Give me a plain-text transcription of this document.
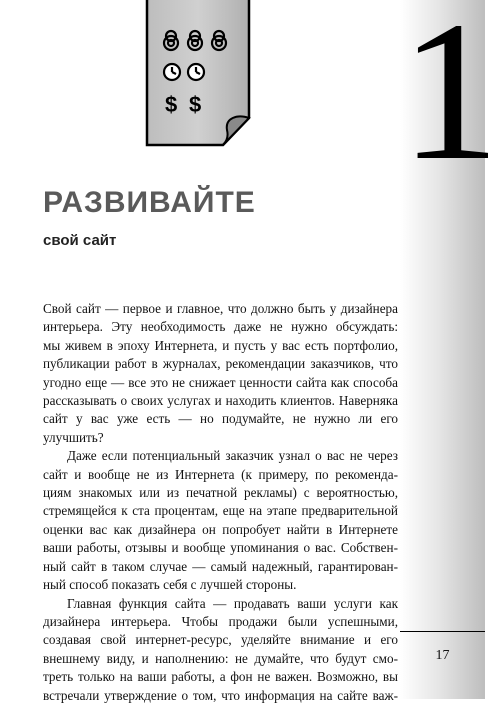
1
$ $
РАЗВИВАЙТЕ
свой сайт
Свой сайт — первое и главное, что должно быть у дизайнера
интерьера. Эту необходимость даже не нужно обсуждать:
мы живем в эпоху Интернета, и пусть у вас есть портфолио,
публикации работ в журналах, рекомендации заказчиков, что
угодно еще — все это не снижает ценности сайта как способа
рассказывать о своих услугах и находить клиентов. Наверняка
сайт у вас уже есть — но подумайте, не нужно ли его улучшить?
Даже если потенциальный заказчик узнал о вас не через
сайт и вообще не из Интернета (к примеру, по рекоменда-
циям знакомых или из печатной рекламы) с вероятностью,
стремящейся к ста процентам, еще на этапе предварительной
оценки вас как дизайнера он попробует найти в Интернете
ваши работы, отзывы и вообще упоминания о вас. Собствен-
ный сайт в таком случае — самый надежный, гарантирован-
ный способ показать себя с лучшей стороны.
Главная функция сайта — продавать ваши услуги как
дизайнера интерьера. Чтобы продажи были успешными,
создавая свой интернет-ресурс, уделяйте внимание и его
внешнему виду, и наполнению: не думайте, что будут смо-
треть только на ваши работы, а фон не важен. Возможно, вы
встречали утверждение о том, что информация на сайте важ-
17
